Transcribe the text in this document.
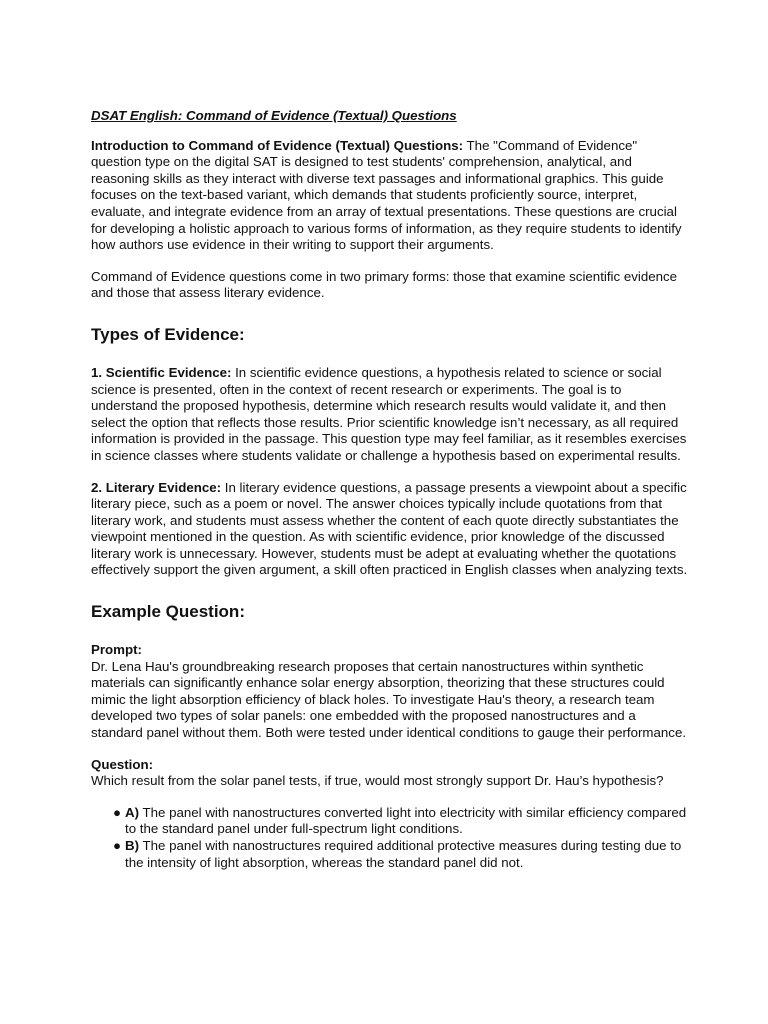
DSAT English: Command of Evidence (Textual) Questions

Introduction to Command of Evidence (Textual) Questions: The "Command of Evidence" question type on the digital SAT is designed to test students' comprehension, analytical, and reasoning skills as they interact with diverse text passages and informational graphics. This guide focuses on the text-based variant, which demands that students proficiently source, interpret, evaluate, and integrate evidence from an array of textual presentations. These questions are crucial for developing a holistic approach to various forms of information, as they require students to identify how authors use evidence in their writing to support their arguments.

Command of Evidence questions come in two primary forms: those that examine scientific evidence and those that assess literary evidence.

Types of Evidence:

1. Scientific Evidence: In scientific evidence questions, a hypothesis related to science or social science is presented, often in the context of recent research or experiments. The goal is to understand the proposed hypothesis, determine which research results would validate it, and then select the option that reflects those results. Prior scientific knowledge isn’t necessary, as all required information is provided in the passage. This question type may feel familiar, as it resembles exercises in science classes where students validate or challenge a hypothesis based on experimental results.

2. Literary Evidence: In literary evidence questions, a passage presents a viewpoint about a specific literary piece, such as a poem or novel. The answer choices typically include quotations from that literary work, and students must assess whether the content of each quote directly substantiates the viewpoint mentioned in the question. As with scientific evidence, prior knowledge of the discussed literary work is unnecessary. However, students must be adept at evaluating whether the quotations effectively support the given argument, a skill often practiced in English classes when analyzing texts.

Example Question:

Prompt:
Dr. Lena Hau's groundbreaking research proposes that certain nanostructures within synthetic materials can significantly enhance solar energy absorption, theorizing that these structures could mimic the light absorption efficiency of black holes. To investigate Hau's theory, a research team developed two types of solar panels: one embedded with the proposed nanostructures and a standard panel without them. Both were tested under identical conditions to gauge their performance.

Question:
Which result from the solar panel tests, if true, would most strongly support Dr. Hau’s hypothesis?

● A) The panel with nanostructures converted light into electricity with similar efficiency compared to the standard panel under full-spectrum light conditions.
● B) The panel with nanostructures required additional protective measures during testing due to the intensity of light absorption, whereas the standard panel did not.
